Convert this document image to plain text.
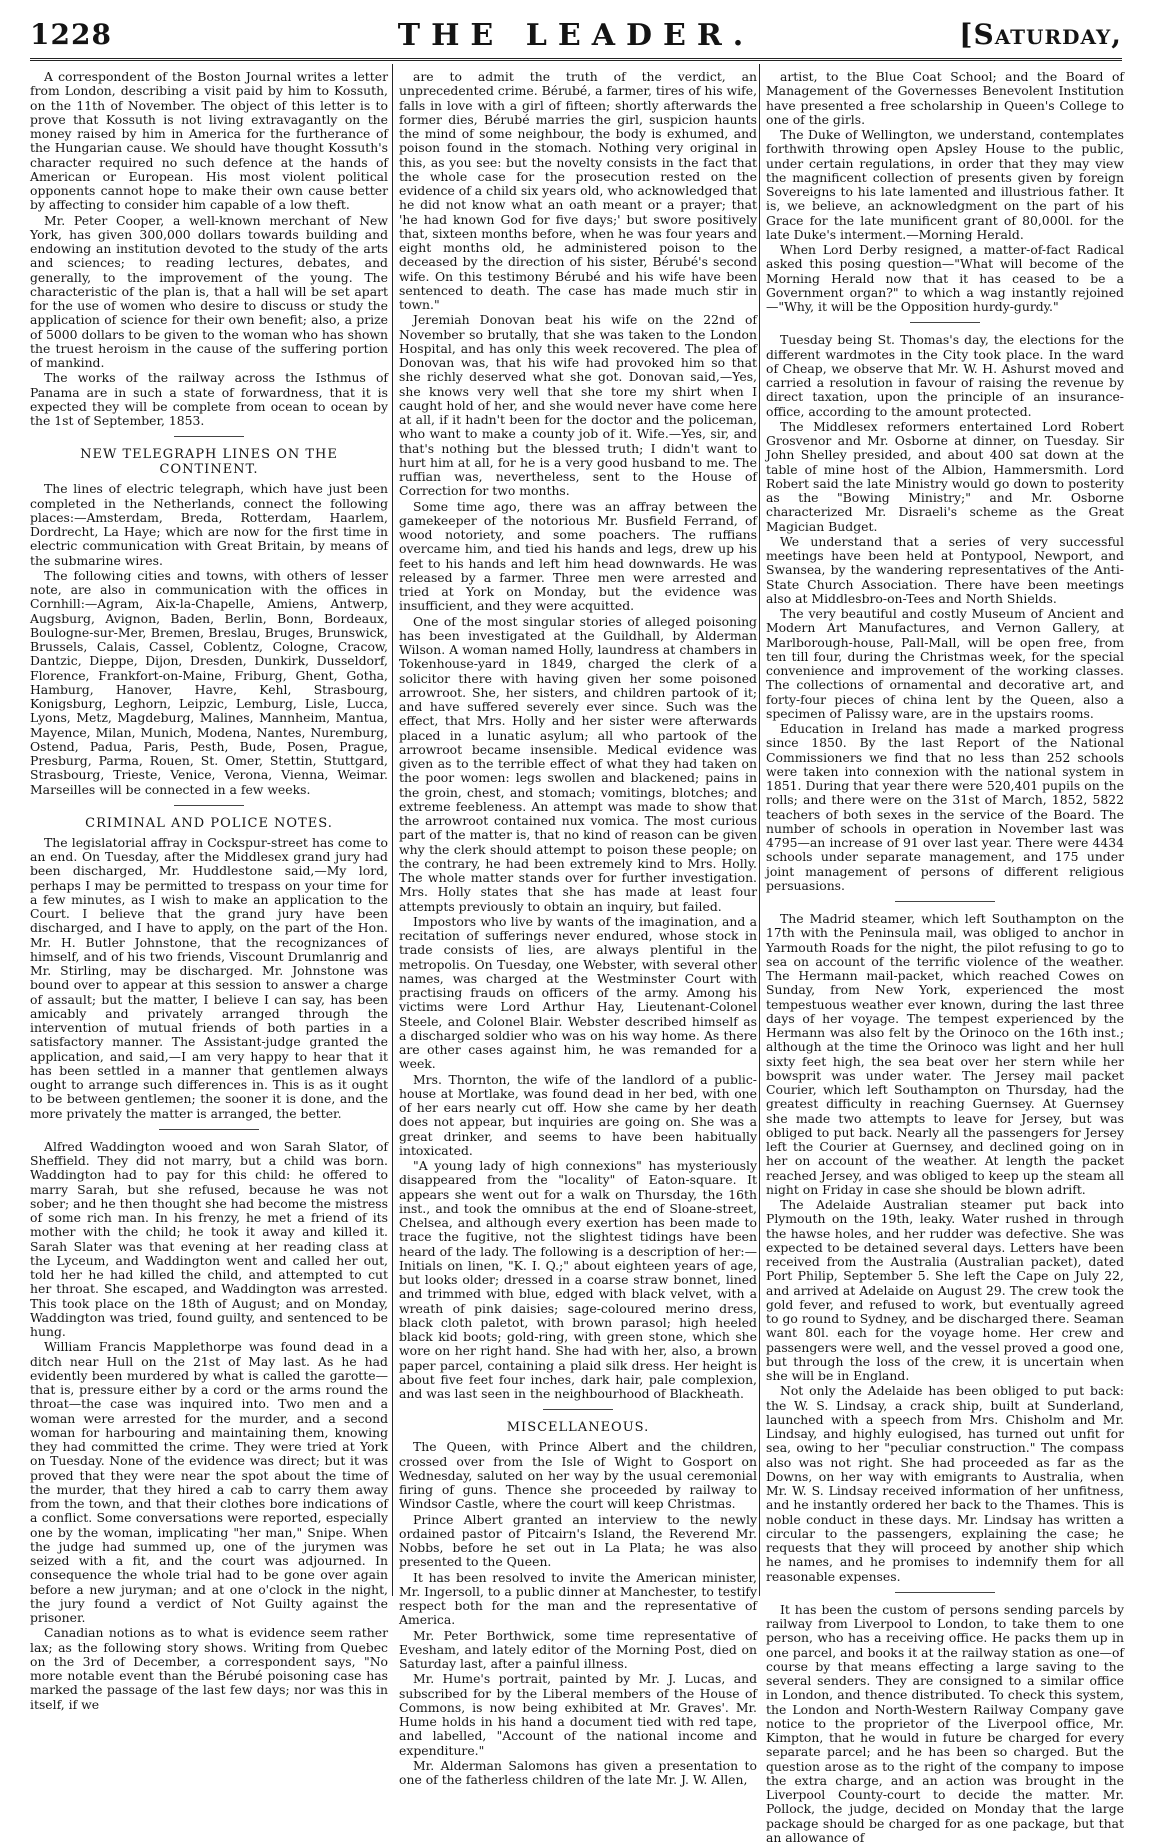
1228	THE LEADER.	[Saturday,

A correspondent of the Boston Journal writes a letter from London, describing a visit paid by him to Kossuth, on the 11th of November. The object of this letter is to prove that Kossuth is not living extravagantly on the money raised by him in America for the furtherance of the Hungarian cause. We should have thought Kossuth's character required no such defence at the hands of American or European. His most violent political opponents cannot hope to make their own cause better by affecting to consider him capable of a low theft.

Mr. Peter Cooper, a well-known merchant of New York, has given 300,000 dollars towards building and endowing an institution devoted to the study of the arts and sciences; to reading lectures, debates, and generally, to the improvement of the young. The characteristic of the plan is, that a hall will be set apart for the use of women who desire to discuss or study the application of science for their own benefit; also, a prize of 5000 dollars to be given to the woman who has shown the truest heroism in the cause of the suffering portion of mankind.

The works of the railway across the Isthmus of Panama are in such a state of forwardness, that it is expected they will be complete from ocean to ocean by the 1st of September, 1853.

NEW TELEGRAPH LINES ON THE CONTINENT.

The lines of electric telegraph, which have just been completed in the Netherlands, connect the following places:—Amsterdam, Breda, Rotterdam, Haarlem, Dordrecht, La Haye; which are now for the first time in electric communication with Great Britain, by means of the submarine wires.

The following cities and towns, with others of lesser note, are also in communication with the offices in Cornhill:—Agram, Aix-la-Chapelle, Amiens, Antwerp, Augsburg, Avignon, Baden, Berlin, Bonn, Bordeaux, Boulogne-sur-Mer, Bremen, Breslau, Bruges, Brunswick, Brussels, Calais, Cassel, Coblentz, Cologne, Cracow, Dantzic, Dieppe, Dijon, Dresden, Dunkirk, Dusseldorf, Florence, Frankfort-on-Maine, Friburg, Ghent, Gotha, Hamburg, Hanover, Havre, Kehl, Strasbourg, Konigsburg, Leghorn, Leipzic, Lemburg, Lisle, Lucca, Lyons, Metz, Magdeburg, Malines, Mannheim, Mantua, Mayence, Milan, Munich, Modena, Nantes, Nuremburg, Ostend, Padua, Paris, Pesth, Bude, Posen, Prague, Presburg, Parma, Rouen, St. Omer, Stettin, Stuttgard, Strasbourg, Trieste, Venice, Verona, Vienna, Weimar. Marseilles will be connected in a few weeks.

CRIMINAL AND POLICE NOTES.

The legislatorial affray in Cockspur-street has come to an end. On Tuesday, after the Middlesex grand jury had been discharged, Mr. Huddlestone said,—My lord, perhaps I may be permitted to trespass on your time for a few minutes, as I wish to make an application to the Court. I believe that the grand jury have been discharged, and I have to apply, on the part of the Hon. Mr. H. Butler Johnstone, that the recognizances of himself, and of his two friends, Viscount Drumlanrig and Mr. Stirling, may be discharged. Mr. Johnstone was bound over to appear at this session to answer a charge of assault; but the matter, I believe I can say, has been amicably and privately arranged through the intervention of mutual friends of both parties in a satisfactory manner. The Assistant-judge granted the application, and said,—I am very happy to hear that it has been settled in a manner that gentlemen always ought to arrange such differences in. This is as it ought to be between gentlemen; the sooner it is done, and the more privately the matter is arranged, the better.

Alfred Waddington wooed and won Sarah Slator, of Sheffield. They did not marry, but a child was born. Waddington had to pay for this child: he offered to marry Sarah, but she refused, because he was not sober; and he then thought she had become the mistress of some rich man. In his frenzy, he met a friend of its mother with the child; he took it away and killed it. Sarah Slater was that evening at her reading class at the Lyceum, and Waddington went and called her out, told her he had killed the child, and attempted to cut her throat. She escaped, and Waddington was arrested. This took place on the 18th of August; and on Monday, Waddington was tried, found guilty, and sentenced to be hung.

William Francis Mapplethorpe was found dead in a ditch near Hull on the 21st of May last. As he had evidently been murdered by what is called the garotte—that is, pressure either by a cord or the arms round the throat—the case was inquired into. Two men and a woman were arrested for the murder, and a second woman for harbouring and maintaining them, knowing they had committed the crime. They were tried at York on Tuesday. None of the evidence was direct; but it was proved that they were near the spot about the time of the murder, that they hired a cab to carry them away from the town, and that their clothes bore indications of a conflict. Some conversations were reported, especially one by the woman, implicating "her man," Snipe. When the judge had summed up, one of the jurymen was seized with a fit, and the court was adjourned. In consequence the whole trial had to be gone over again before a new juryman; and at one o'clock in the night, the jury found a verdict of Not Guilty against the prisoner.

Canadian notions as to what is evidence seem rather lax; as the following story shows. Writing from Quebec on the 3rd of December, a correspondent says, "No more notable event than the Bérubé poisoning case has marked the passage of the last few days; nor was this in itself, if we

are to admit the truth of the verdict, an unprecedented crime. Bérubé, a farmer, tires of his wife, falls in love with a girl of fifteen; shortly afterwards the former dies, Bérubé marries the girl, suspicion haunts the mind of some neighbour, the body is exhumed, and poison found in the stomach. Nothing very original in this, as you see: but the novelty consists in the fact that the whole case for the prosecution rested on the evidence of a child six years old, who acknowledged that he did not know what an oath meant or a prayer; that 'he had known God for five days;' but swore positively that, sixteen months before, when he was four years and eight months old, he administered poison to the deceased by the direction of his sister, Bérubé's second wife. On this testimony Bérubé and his wife have been sentenced to death. The case has made much stir in town."

Jeremiah Donovan beat his wife on the 22nd of November so brutally, that she was taken to the London Hospital, and has only this week recovered. The plea of Donovan was, that his wife had provoked him so that she richly deserved what she got. Donovan said,—Yes, she knows very well that she tore my shirt when I caught hold of her, and she would never have come here at all, if it hadn't been for the doctor and the policeman, who want to make a county job of it. Wife.—Yes, sir, and that's nothing but the blessed truth; I didn't want to hurt him at all, for he is a very good husband to me. The ruffian was, nevertheless, sent to the House of Correction for two months.

Some time ago, there was an affray between the gamekeeper of the notorious Mr. Busfield Ferrand, of wood notoriety, and some poachers. The ruffians overcame him, and tied his hands and legs, drew up his feet to his hands and left him head downwards. He was released by a farmer. Three men were arrested and tried at York on Monday, but the evidence was insufficient, and they were acquitted.

One of the most singular stories of alleged poisoning has been investigated at the Guildhall, by Alderman Wilson. A woman named Holly, laundress at chambers in Tokenhouse-yard in 1849, charged the clerk of a solicitor there with having given her some poisoned arrowroot. She, her sisters, and children partook of it; and have suffered severely ever since. Such was the effect, that Mrs. Holly and her sister were afterwards placed in a lunatic asylum; all who partook of the arrowroot became insensible. Medical evidence was given as to the terrible effect of what they had taken on the poor women: legs swollen and blackened; pains in the groin, chest, and stomach; vomitings, blotches; and extreme feebleness. An attempt was made to show that the arrowroot contained nux vomica. The most curious part of the matter is, that no kind of reason can be given why the clerk should attempt to poison these people; on the contrary, he had been extremely kind to Mrs. Holly. The whole matter stands over for further investigation. Mrs. Holly states that she has made at least four attempts previously to obtain an inquiry, but failed.

Impostors who live by wants of the imagination, and a recitation of sufferings never endured, whose stock in trade consists of lies, are always plentiful in the metropolis. On Tuesday, one Webster, with several other names, was charged at the Westminster Court with practising frauds on officers of the army. Among his victims were Lord Arthur Hay, Lieutenant-Colonel Steele, and Colonel Blair. Webster described himself as a discharged soldier who was on his way home. As there are other cases against him, he was remanded for a week.

Mrs. Thornton, the wife of the landlord of a public-house at Mortlake, was found dead in her bed, with one of her ears nearly cut off. How she came by her death does not appear, but inquiries are going on. She was a great drinker, and seems to have been habitually intoxicated.

"A young lady of high connexions" has mysteriously disappeared from the "locality" of Eaton-square. It appears she went out for a walk on Thursday, the 16th inst., and took the omnibus at the end of Sloane-street, Chelsea, and although every exertion has been made to trace the fugitive, not the slightest tidings have been heard of the lady. The following is a description of her:—Initials on linen, "K. I. Q.;" about eighteen years of age, but looks older; dressed in a coarse straw bonnet, lined and trimmed with blue, edged with black velvet, with a wreath of pink daisies; sage-coloured merino dress, black cloth paletot, with brown parasol; high heeled black kid boots; gold-ring, with green stone, which she wore on her right hand. She had with her, also, a brown paper parcel, containing a plaid silk dress. Her height is about five feet four inches, dark hair, pale complexion, and was last seen in the neighbourhood of Blackheath.

MISCELLANEOUS.

The Queen, with Prince Albert and the children, crossed over from the Isle of Wight to Gosport on Wednesday, saluted on her way by the usual ceremonial firing of guns. Thence she proceeded by railway to Windsor Castle, where the court will keep Christmas.

Prince Albert granted an interview to the newly ordained pastor of Pitcairn's Island, the Reverend Mr. Nobbs, before he set out in La Plata; he was also presented to the Queen.

It has been resolved to invite the American minister, Mr. Ingersoll, to a public dinner at Manchester, to testify respect both for the man and the representative of America.

Mr. Peter Borthwick, some time representative of Evesham, and lately editor of the Morning Post, died on Saturday last, after a painful illness.

Mr. Hume's portrait, painted by Mr. J. Lucas, and subscribed for by the Liberal members of the House of Commons, is now being exhibited at Mr. Graves'. Mr. Hume holds in his hand a document tied with red tape, and labelled, "Account of the national income and expenditure."

Mr. Alderman Salomons has given a presentation to one of the fatherless children of the late Mr. J. W. Allen,

artist, to the Blue Coat School; and the Board of Management of the Governesses Benevolent Institution have presented a free scholarship in Queen's College to one of the girls.

The Duke of Wellington, we understand, contemplates forthwith throwing open Apsley House to the public, under certain regulations, in order that they may view the magnificent collection of presents given by foreign Sovereigns to his late lamented and illustrious father. It is, we believe, an acknowledgment on the part of his Grace for the late munificent grant of 80,000l. for the late Duke's interment.—Morning Herald.

When Lord Derby resigned, a matter-of-fact Radical asked this posing question—"What will become of the Morning Herald now that it has ceased to be a Government organ?" to which a wag instantly rejoined—"Why, it will be the Opposition hurdy-gurdy."

Tuesday being St. Thomas's day, the elections for the different wardmotes in the City took place. In the ward of Cheap, we observe that Mr. W. H. Ashurst moved and carried a resolution in favour of raising the revenue by direct taxation, upon the principle of an insurance-office, according to the amount protected.

The Middlesex reformers entertained Lord Robert Grosvenor and Mr. Osborne at dinner, on Tuesday. Sir John Shelley presided, and about 400 sat down at the table of mine host of the Albion, Hammersmith. Lord Robert said the late Ministry would go down to posterity as the "Bowing Ministry;" and Mr. Osborne characterized Mr. Disraeli's scheme as the Great Magician Budget.

We understand that a series of very successful meetings have been held at Pontypool, Newport, and Swansea, by the wandering representatives of the Anti-State Church Association. There have been meetings also at Middlesbro-on-Tees and North Shields.

The very beautiful and costly Museum of Ancient and Modern Art Manufactures, and Vernon Gallery, at Marlborough-house, Pall-Mall, will be open free, from ten till four, during the Christmas week, for the special convenience and improvement of the working classes. The collections of ornamental and decorative art, and forty-four pieces of china lent by the Queen, also a specimen of Palissy ware, are in the upstairs rooms.

Education in Ireland has made a marked progress since 1850. By the last Report of the National Commissioners we find that no less than 252 schools were taken into connexion with the national system in 1851. During that year there were 520,401 pupils on the rolls; and there were on the 31st of March, 1852, 5822 teachers of both sexes in the service of the Board. The number of schools in operation in November last was 4795—an increase of 91 over last year. There were 4434 schools under separate management, and 175 under joint management of persons of different religious persuasions.

The Madrid steamer, which left Southampton on the 17th with the Peninsula mail, was obliged to anchor in Yarmouth Roads for the night, the pilot refusing to go to sea on account of the terrific violence of the weather. The Hermann mail-packet, which reached Cowes on Sunday, from New York, experienced the most tempestuous weather ever known, during the last three days of her voyage. The tempest experienced by the Hermann was also felt by the Orinoco on the 16th inst.; although at the time the Orinoco was light and her hull sixty feet high, the sea beat over her stern while her bowsprit was under water. The Jersey mail packet Courier, which left Southampton on Thursday, had the greatest difficulty in reaching Guernsey. At Guernsey she made two attempts to leave for Jersey, but was obliged to put back. Nearly all the passengers for Jersey left the Courier at Guernsey, and declined going on in her on account of the weather. At length the packet reached Jersey, and was obliged to keep up the steam all night on Friday in case she should be blown adrift.

The Adelaide Australian steamer put back into Plymouth on the 19th, leaky. Water rushed in through the hawse holes, and her rudder was defective. She was expected to be detained several days. Letters have been received from the Australia (Australian packet), dated Port Philip, September 5. She left the Cape on July 22, and arrived at Adelaide on August 29. The crew took the gold fever, and refused to work, but eventually agreed to go round to Sydney, and be discharged there. Seaman want 80l. each for the voyage home. Her crew and passengers were well, and the vessel proved a good one, but through the loss of the crew, it is uncertain when she will be in England.

Not only the Adelaide has been obliged to put back: the W. S. Lindsay, a crack ship, built at Sunderland, launched with a speech from Mrs. Chisholm and Mr. Lindsay, and highly eulogised, has turned out unfit for sea, owing to her "peculiar construction." The compass also was not right. She had proceeded as far as the Downs, on her way with emigrants to Australia, when Mr. W. S. Lindsay received information of her unfitness, and he instantly ordered her back to the Thames. This is noble conduct in these days. Mr. Lindsay has written a circular to the passengers, explaining the case; he requests that they will proceed by another ship which he names, and he promises to indemnify them for all reasonable expenses.

It has been the custom of persons sending parcels by railway from Liverpool to London, to take them to one person, who has a receiving office. He packs them up in one parcel, and books it at the railway station as one—of course by that means effecting a large saving to the several senders. They are consigned to a similar office in London, and thence distributed. To check this system, the London and North-Western Railway Company gave notice to the proprietor of the Liverpool office, Mr. Kimpton, that he would in future be charged for every separate parcel; and he has been so charged. But the question arose as to the right of the company to impose the extra charge, and an action was brought in the Liverpool County-court to decide the matter. Mr. Pollock, the judge, decided on Monday that the large package should be charged for as one package, but that an allowance of
